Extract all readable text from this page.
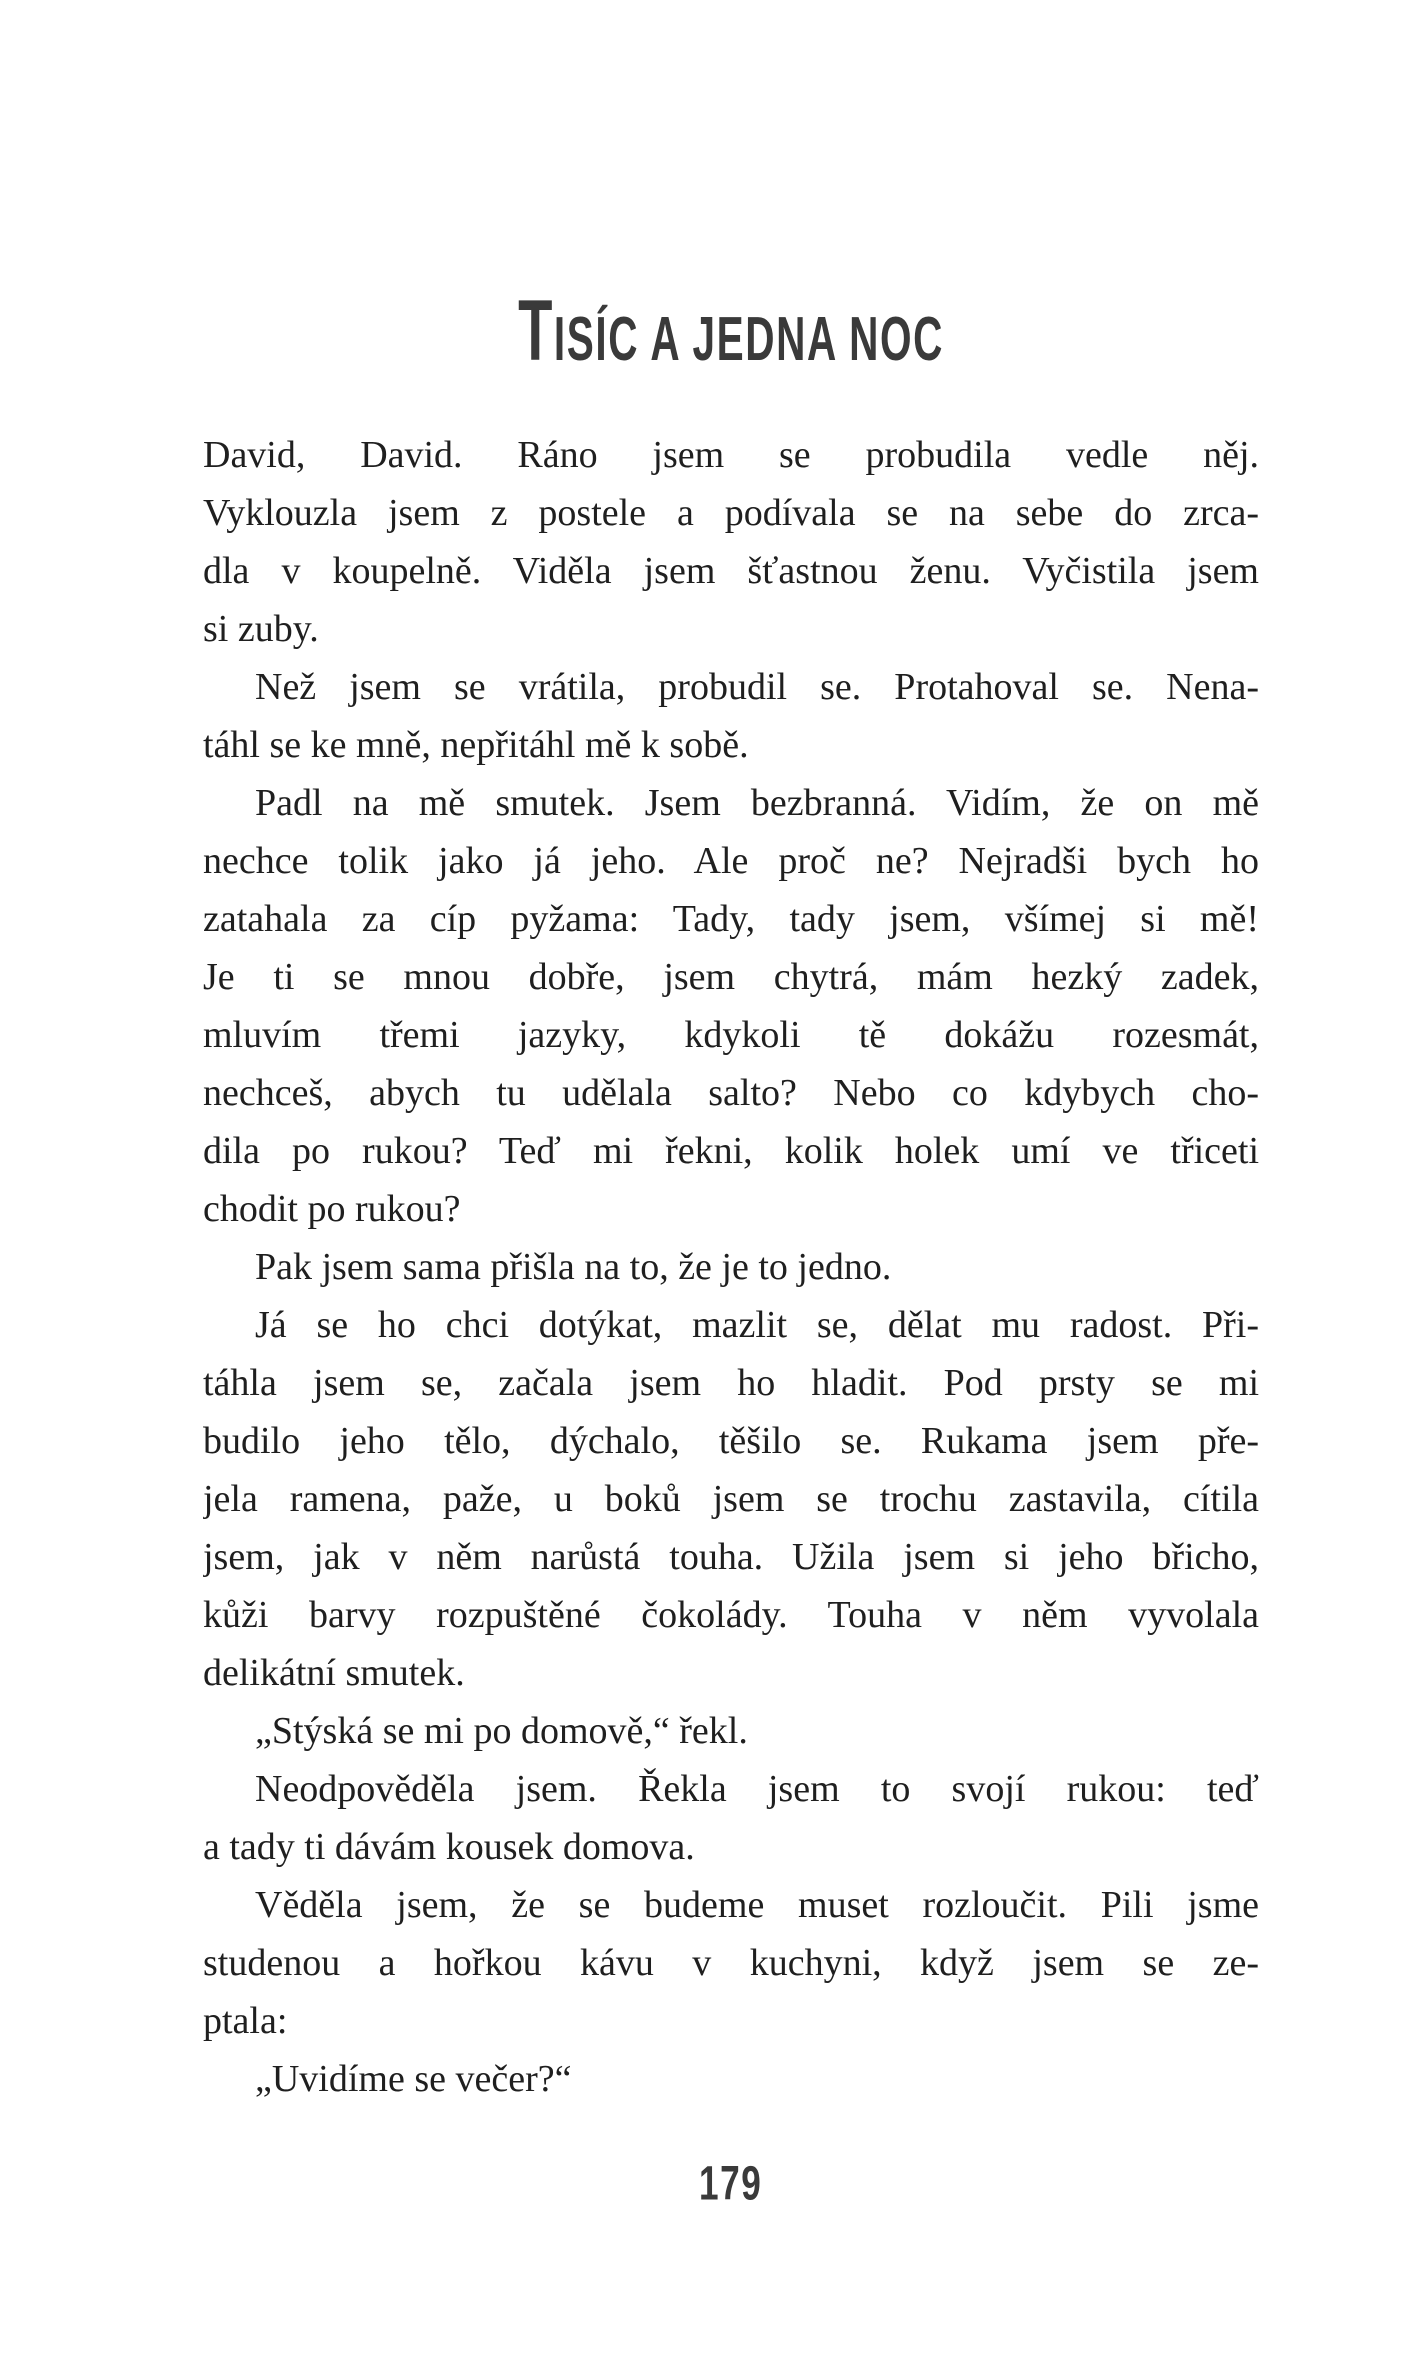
TISÍC A JEDNA NOC
David, David. Ráno jsem se probudila vedle něj.
Vyklouzla jsem z postele a podívala se na sebe do zrca-
dla v koupelně. Viděla jsem šťastnou ženu. Vyčistila jsem
si zuby.
Než jsem se vrátila, probudil se. Protahoval se. Nena-
táhl se ke mně, nepřitáhl mě k sobě.
Padl na mě smutek. Jsem bezbranná. Vidím, že on mě
nechce tolik jako já jeho. Ale proč ne? Nejradši bych ho
zatahala za cíp pyžama: Tady, tady jsem, všímej si mě!
Je ti se mnou dobře, jsem chytrá, mám hezký zadek,
mluvím třemi jazyky, kdykoli tě dokážu rozesmát,
nechceš, abych tu udělala salto? Nebo co kdybych cho-
dila po rukou? Teď mi řekni, kolik holek umí ve třiceti
chodit po rukou?
Pak jsem sama přišla na to, že je to jedno.
Já se ho chci dotýkat, mazlit se, dělat mu radost. Při-
táhla jsem se, začala jsem ho hladit. Pod prsty se mi
budilo jeho tělo, dýchalo, těšilo se. Rukama jsem pře-
jela ramena, paže, u boků jsem se trochu zastavila, cítila
jsem, jak v něm narůstá touha. Užila jsem si jeho břicho,
kůži barvy rozpuštěné čokolády. Touha v něm vyvolala
delikátní smutek.
„Stýská se mi po domově,“ řekl.
Neodpověděla jsem. Řekla jsem to svojí rukou: teď
a tady ti dávám kousek domova.
Věděla jsem, že se budeme muset rozloučit. Pili jsme
studenou a hořkou kávu v kuchyni, když jsem se ze-
ptala:
„Uvidíme se večer?“
179
